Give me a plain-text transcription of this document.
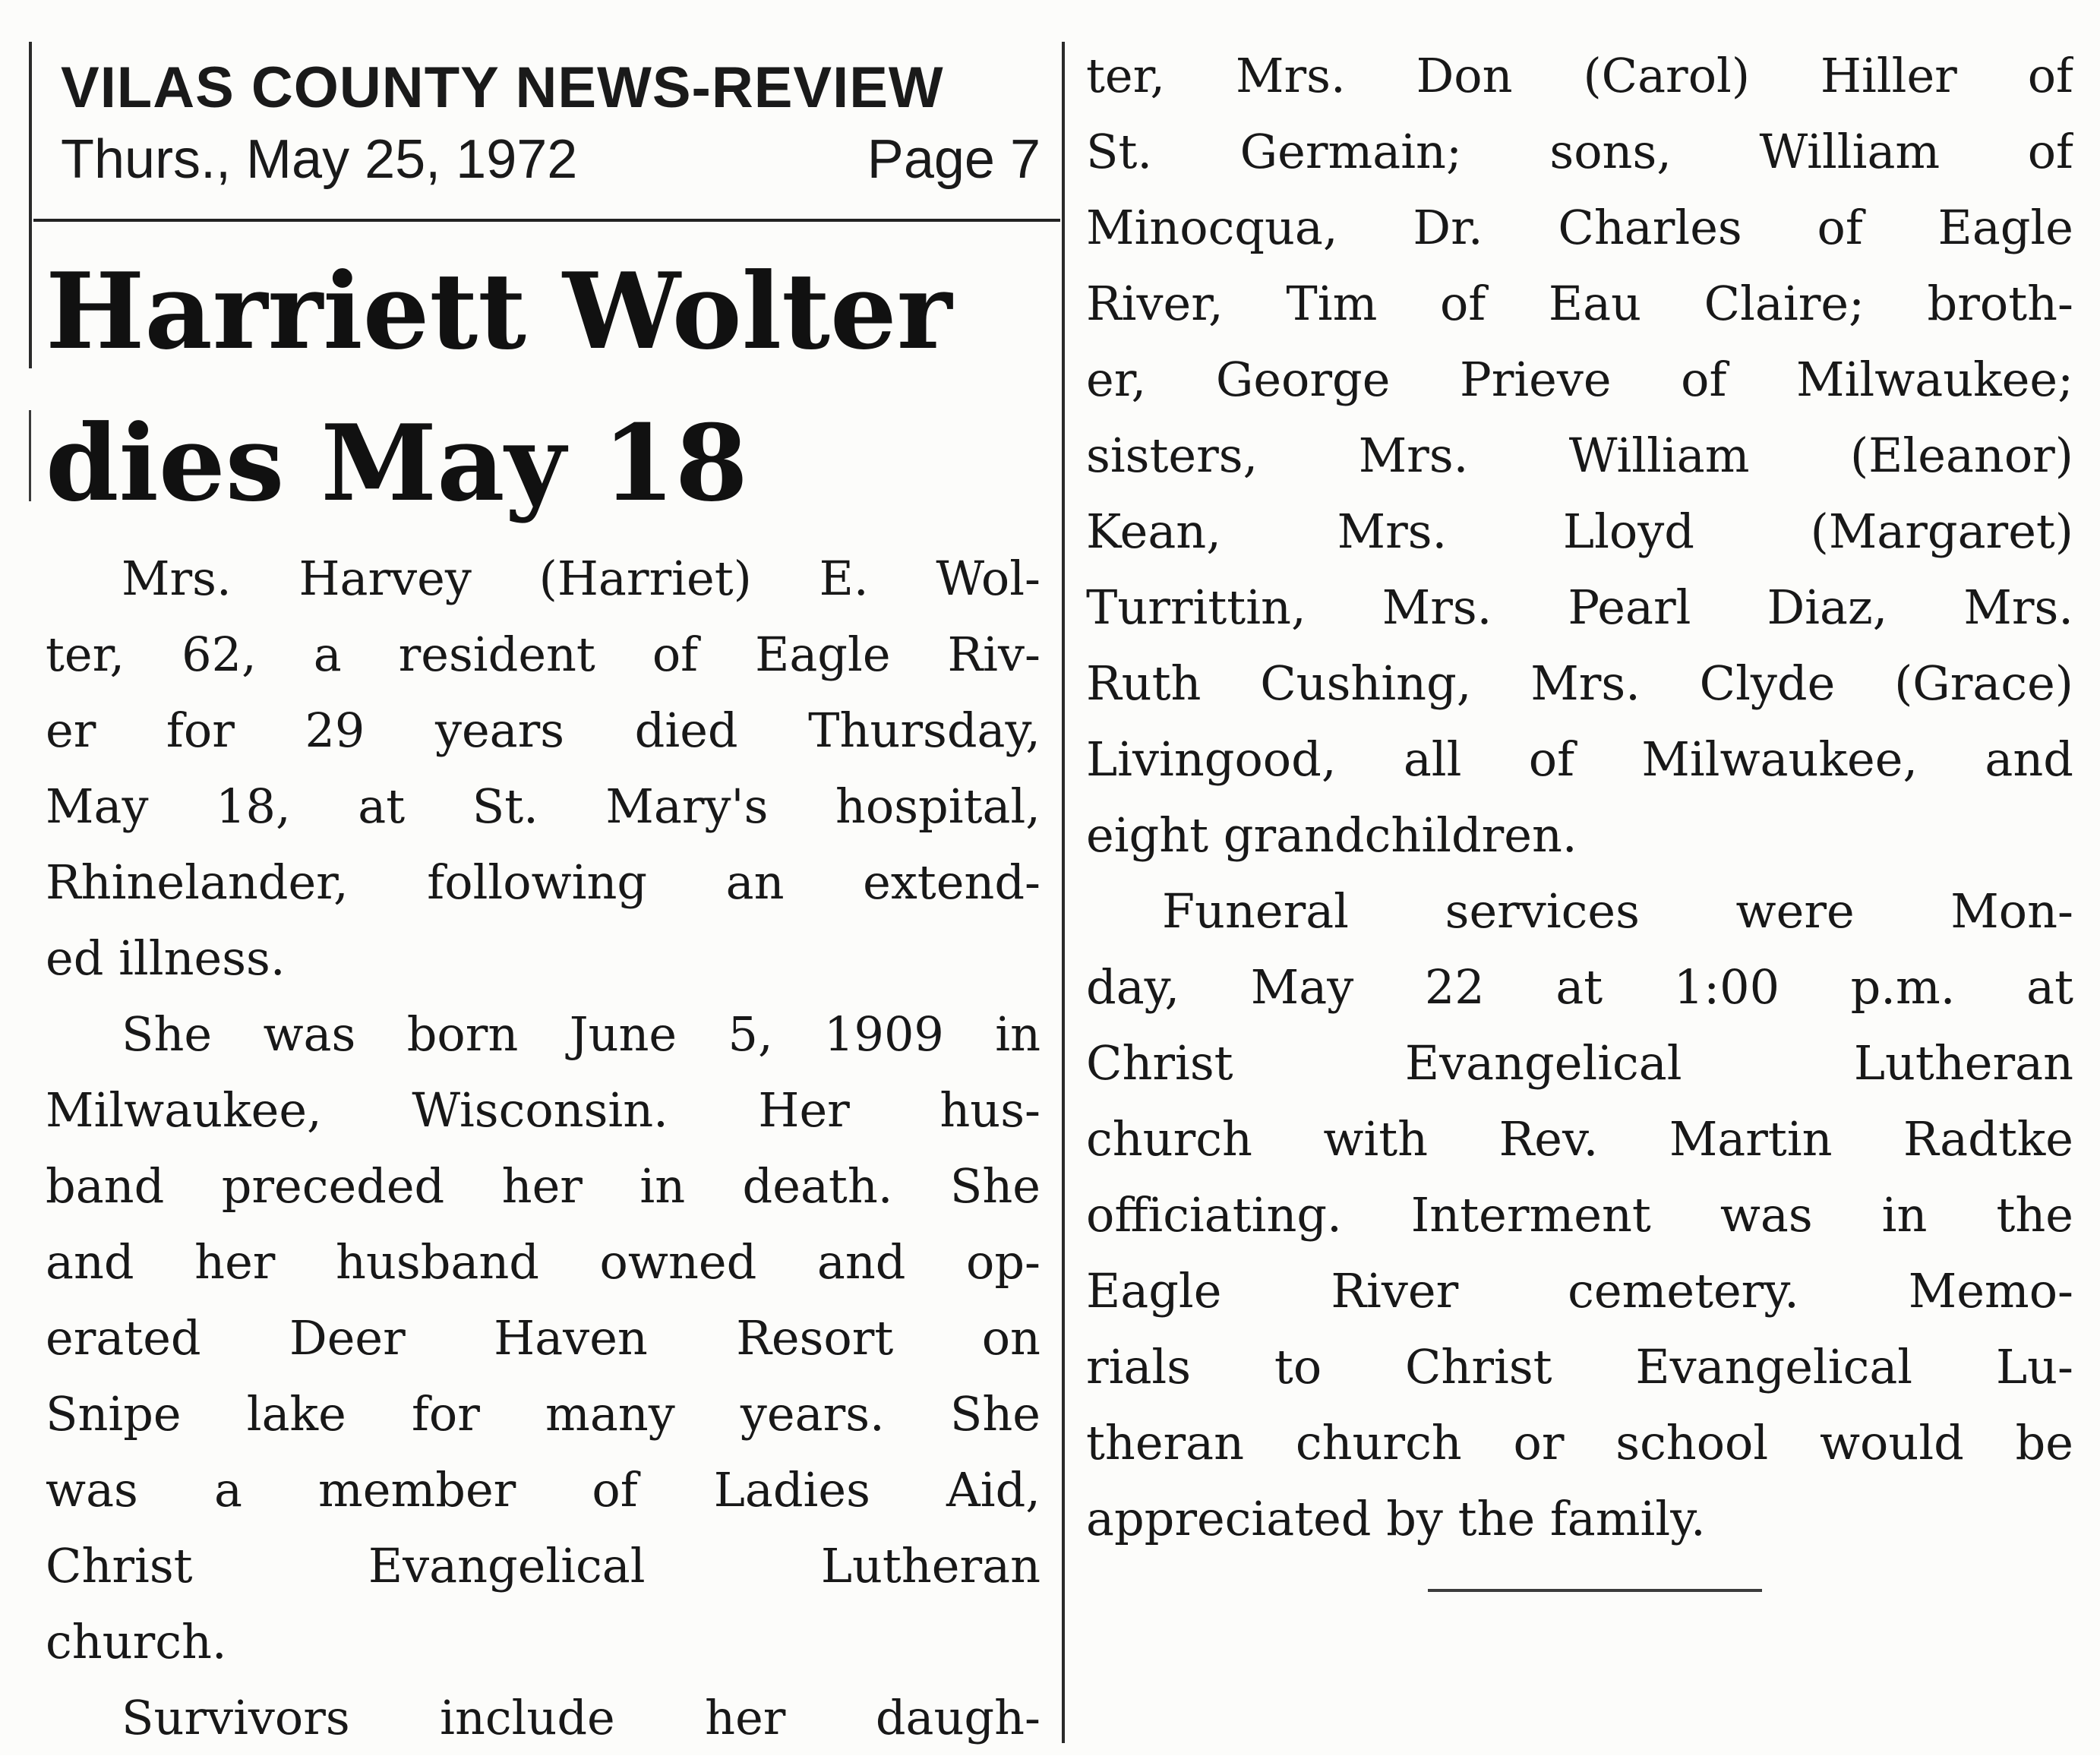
VILAS COUNTY NEWS-REVIEW
Thurs., May 25, 1972	Page 7
Harriett Wolter
dies May 18
Mrs. Harvey (Harriet) E. Wol-
ter, 62, a resident of Eagle Riv-
er for 29 years died Thursday,
May 18, at St. Mary's hospital,
Rhinelander, following an extend-
ed illness.
She was born June 5, 1909 in
Milwaukee, Wisconsin. Her hus-
band preceded her in death. She
and her husband owned and op-
erated Deer Haven Resort on
Snipe lake for many years. She
was a member of Ladies Aid,
Christ Evangelical Lutheran
church.
Survivors include her daugh-
ter, Mrs. Don (Carol) Hiller of
St. Germain; sons, William of
Minocqua, Dr. Charles of Eagle
River, Tim of Eau Claire; broth-
er, George Prieve of Milwaukee;
sisters, Mrs. William (Eleanor)
Kean, Mrs. Lloyd (Margaret)
Turrittin, Mrs. Pearl Diaz, Mrs.
Ruth Cushing, Mrs. Clyde (Grace)
Livingood, all of Milwaukee, and
eight grandchildren.
Funeral services were Mon-
day, May 22 at 1:00 p.m. at
Christ Evangelical Lutheran
church with Rev. Martin Radtke
officiating. Interment was in the
Eagle River cemetery. Memo-
rials to Christ Evangelical Lu-
theran church or school would be
appreciated by the family.
